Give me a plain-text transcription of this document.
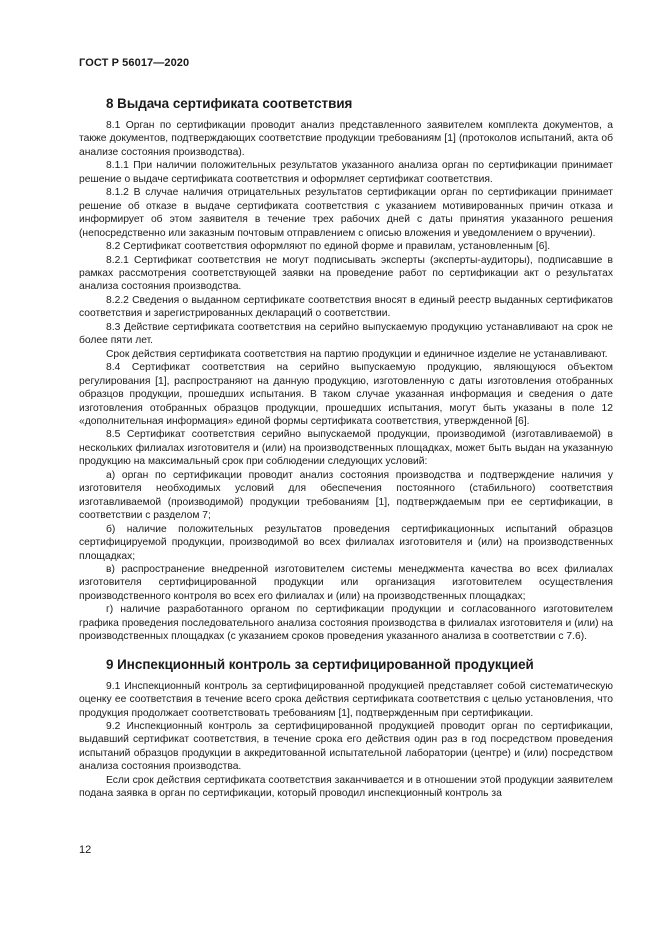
ГОСТ Р 56017—2020
8 Выдача сертификата соответствия

8.1 Орган по сертификации проводит анализ представленного заявителем комплекта документов, а также документов, подтверждающих соответствие продукции требованиям [1] (протоколов испытаний, акта об анализе состояния производства).

8.1.1 При наличии положительных результатов указанного анализа орган по сертификации принимает решение о выдаче сертификата соответствия и оформляет сертификат соответствия.

8.1.2 В случае наличия отрицательных результатов сертификации орган по сертификации принимает решение об отказе в выдаче сертификата соответствия с указанием мотивированных причин отказа и информирует об этом заявителя в течение трех рабочих дней с даты принятия указанного решения (непосредственно или заказным почтовым отправлением с описью вложения и уведомлением о вручении).

8.2 Сертификат соответствия оформляют по единой форме и правилам, установленным [6].

8.2.1 Сертификат соответствия не могут подписывать эксперты (эксперты-аудиторы), подписавшие в рамках рассмотрения соответствующей заявки на проведение работ по сертификации акт о результатах анализа состояния производства.

8.2.2 Сведения о выданном сертификате соответствия вносят в единый реестр выданных сертификатов соответствия и зарегистрированных деклараций о соответствии.

8.3 Действие сертификата соответствия на серийно выпускаемую продукцию устанавливают на срок не более пяти лет.

Срок действия сертификата соответствия на партию продукции и единичное изделие не устанавливают.

8.4 Сертификат соответствия на серийно выпускаемую продукцию, являющуюся объектом регулирования [1], распространяют на данную продукцию, изготовленную с даты изготовления отобранных образцов продукции, прошедших испытания. В таком случае указанная информация и сведения о дате изготовления отобранных образцов продукции, прошедших испытания, могут быть указаны в поле 12 «дополнительная информация» единой формы сертификата соответствия, утвержденной [6].

8.5 Сертификат соответствия серийно выпускаемой продукции, производимой (изготавливаемой) в нескольких филиалах изготовителя и (или) на производственных площадках, может быть выдан на указанную продукцию на максимальный срок при соблюдении следующих условий:

а) орган по сертификации проводит анализ состояния производства и подтверждение наличия у изготовителя необходимых условий для обеспечения постоянного (стабильного) соответствия изготавливаемой (производимой) продукции требованиям [1], подтверждаемым при ее сертификации, в соответствии с разделом 7;

б) наличие положительных результатов проведения сертификационных испытаний образцов сертифицируемой продукции, производимой во всех филиалах изготовителя и (или) на производственных площадках;

в) распространение внедренной изготовителем системы менеджмента качества во всех филиалах изготовителя сертифицированной продукции или организация изготовителем осуществления производственного контроля во всех его филиалах и (или) на производственных площадках;

г) наличие разработанного органом по сертификации продукции и согласованного изготовителем графика проведения последовательного анализа состояния производства в филиалах изготовителя и (или) на производственных площадках (с указанием сроков проведения указанного анализа в соответствии с 7.6).

9 Инспекционный контроль за сертифицированной продукцией

9.1 Инспекционный контроль за сертифицированной продукцией представляет собой систематическую оценку ее соответствия в течение всего срока действия сертификата соответствия с целью установления, что продукция продолжает соответствовать требованиям [1], подтвержденным при сертификации.

9.2 Инспекционный контроль за сертифицированной продукцией проводит орган по сертификации, выдавший сертификат соответствия, в течение срока его действия один раз в год посредством проведения испытаний образцов продукции в аккредитованной испытательной лаборатории (центре) и (или) посредством анализа состояния производства.

Если срок действия сертификата соответствия заканчивается и в отношении этой продукции заявителем подана заявка в орган по сертификации, который проводил инспекционный контроль за

12
